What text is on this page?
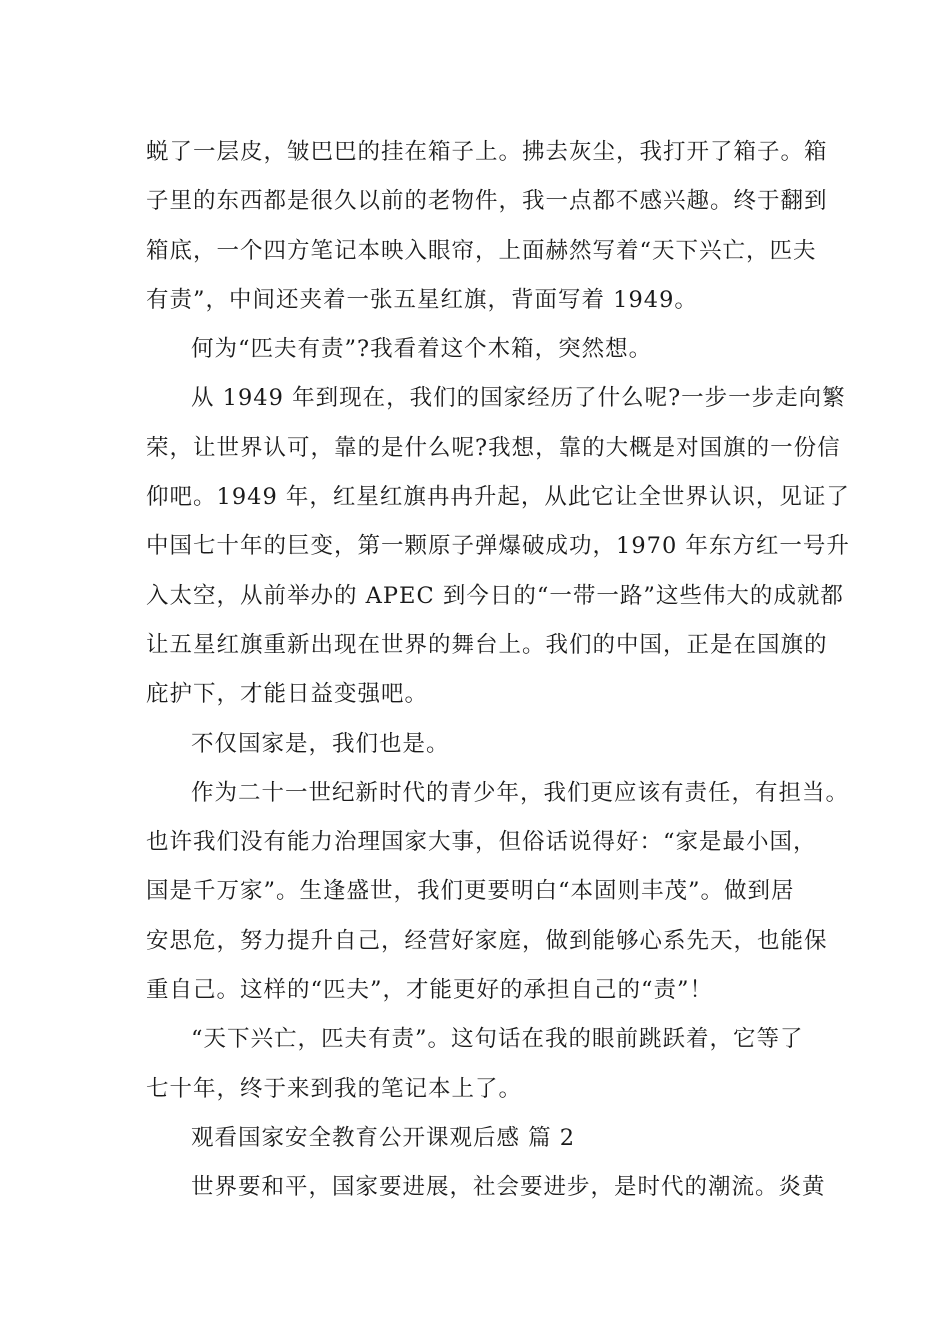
蜕了一层皮，皱巴巴的挂在箱子上。拂去灰尘，我打开了箱子。箱
子里的东西都是很久以前的老物件，我一点都不感兴趣。终于翻到
箱底，一个四方笔记本映入眼帘，上面赫然写着“天下兴亡，匹夫
有责”，中间还夹着一张五星红旗，背面写着 1949。
何为“匹夫有责”?我看着这个木箱，突然想。
从 1949 年到现在，我们的国家经历了什么呢?一步一步走向繁
荣，让世界认可，靠的是什么呢?我想，靠的大概是对国旗的一份信
仰吧。1949 年，红星红旗冉冉升起，从此它让全世界认识，见证了
中国七十年的巨变，第一颗原子弹爆破成功，1970 年东方红一号升
入太空，从前举办的 APEC 到今日的“一带一路”这些伟大的成就都
让五星红旗重新出现在世界的舞台上。我们的中国，正是在国旗的
庇护下，才能日益变强吧。
不仅国家是，我们也是。
作为二十一世纪新时代的青少年，我们更应该有责任，有担当。
也许我们没有能力治理国家大事，但俗话说得好：“家是最小国，
国是千万家”。生逢盛世，我们更要明白“本固则丰茂”。做到居
安思危，努力提升自己，经营好家庭，做到能够心系先天，也能保
重自己。这样的“匹夫”，才能更好的承担自己的“责”！
“天下兴亡，匹夫有责”。这句话在我的眼前跳跃着，它等了
七十年，终于来到我的笔记本上了。
观看国家安全教育公开课观后感 篇 2
世界要和平，国家要进展，社会要进步，是时代的潮流。炎黄
